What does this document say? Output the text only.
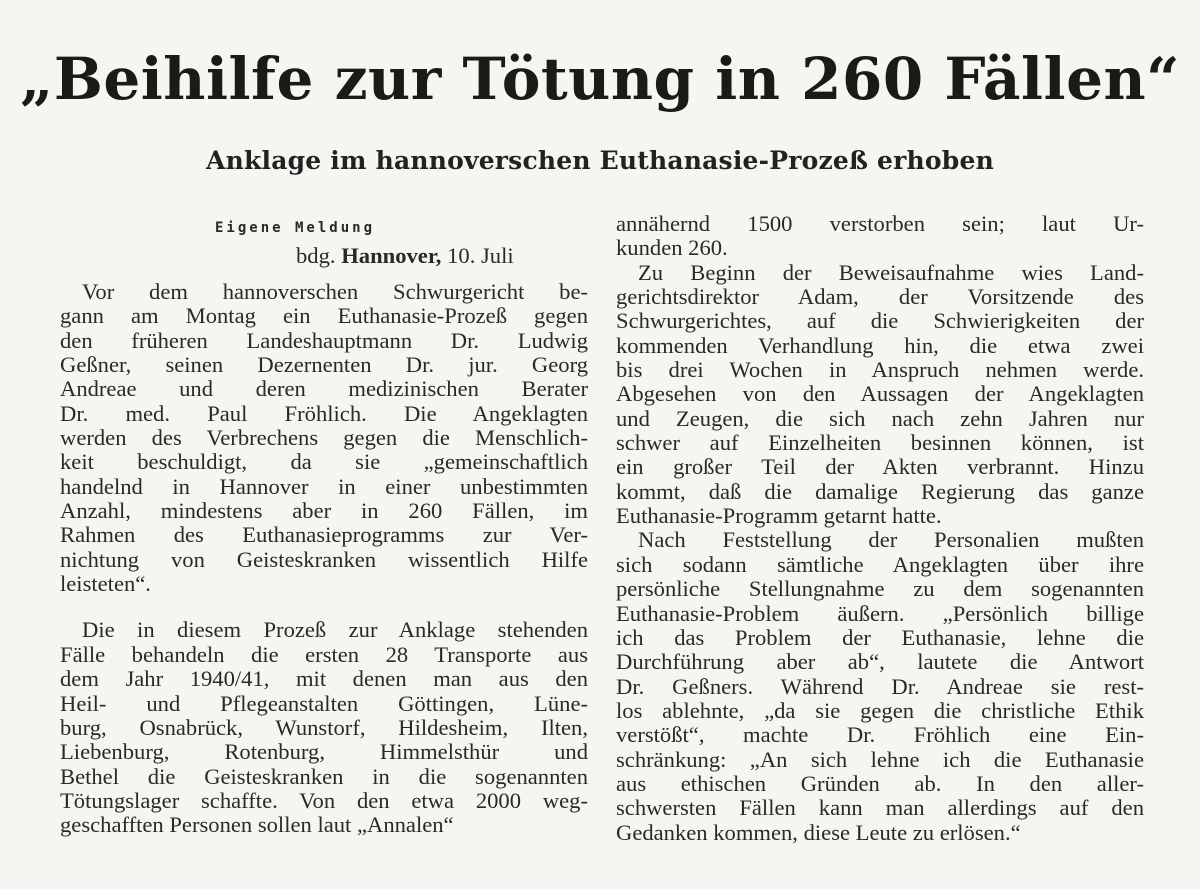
„Beihilfe zur Tötung in 260 Fällen“
Anklage im hannoverschen Euthanasie-Prozeß erhoben
Eigene Meldung
bdg. Hannover, 10. Juli
Vor dem hannoverschen Schwurgericht be-
gann am Montag ein Euthanasie-Prozeß gegen
den früheren Landeshauptmann Dr. Ludwig
Geßner, seinen Dezernenten Dr. jur. Georg
Andreae und deren medizinischen Berater
Dr. med. Paul Fröhlich. Die Angeklagten
werden des Verbrechens gegen die Menschlich-
keit beschuldigt, da sie „gemeinschaftlich
handelnd in Hannover in einer unbestimmten
Anzahl, mindestens aber in 260 Fällen, im
Rahmen des Euthanasieprogramms zur Ver-
nichtung von Geisteskranken wissentlich Hilfe
leisteten“.
Die in diesem Prozeß zur Anklage stehenden
Fälle behandeln die ersten 28 Transporte aus
dem Jahr 1940/41, mit denen man aus den
Heil- und Pflegeanstalten Göttingen, Lüne-
burg, Osnabrück, Wunstorf, Hildesheim, Ilten,
Liebenburg, Rotenburg, Himmelsthür und
Bethel die Geisteskranken in die sogenannten
Tötungslager schaffte. Von den etwa 2000 weg-
geschafften Personen sollen laut „Annalen“
annähernd 1500 verstorben sein; laut Ur-
kunden 260.
Zu Beginn der Beweisaufnahme wies Land-
gerichtsdirektor Adam, der Vorsitzende des
Schwurgerichtes, auf die Schwierigkeiten der
kommenden Verhandlung hin, die etwa zwei
bis drei Wochen in Anspruch nehmen werde.
Abgesehen von den Aussagen der Angeklagten
und Zeugen, die sich nach zehn Jahren nur
schwer auf Einzelheiten besinnen können, ist
ein großer Teil der Akten verbrannt. Hinzu
kommt, daß die damalige Regierung das ganze
Euthanasie-Programm getarnt hatte.
Nach Feststellung der Personalien mußten
sich sodann sämtliche Angeklagten über ihre
persönliche Stellungnahme zu dem sogenannten
Euthanasie-Problem äußern. „Persönlich billige
ich das Problem der Euthanasie, lehne die
Durchführung aber ab“, lautete die Antwort
Dr. Geßners. Während Dr. Andreae sie rest-
los ablehnte, „da sie gegen die christliche Ethik
verstößt“, machte Dr. Fröhlich eine Ein-
schränkung: „An sich lehne ich die Euthanasie
aus ethischen Gründen ab. In den aller-
schwersten Fällen kann man allerdings auf den
Gedanken kommen, diese Leute zu erlösen.“
